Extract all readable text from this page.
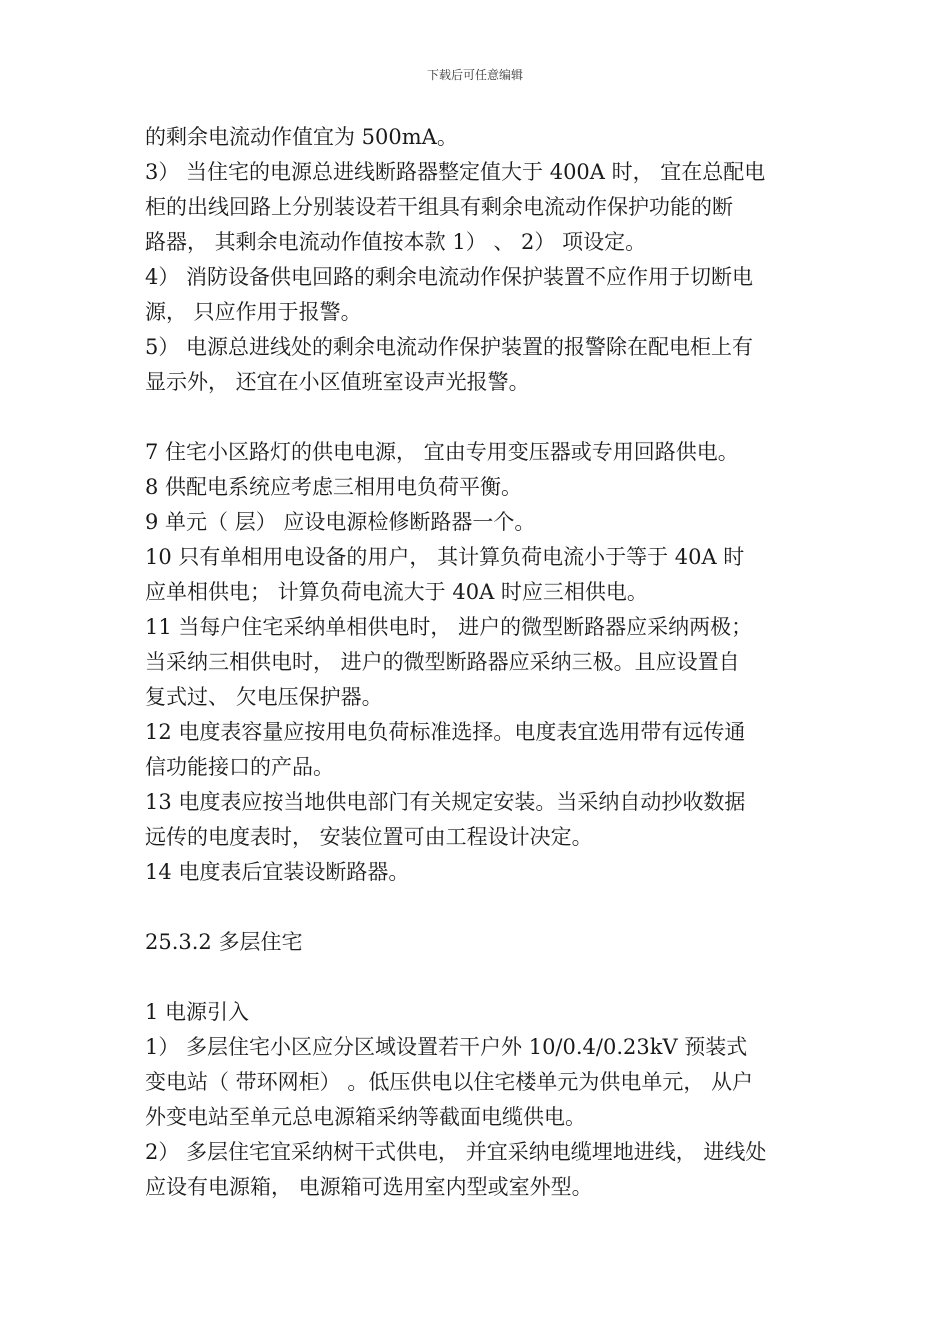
下载后可任意编辑
的剩余电流动作值宜为 500mA。
3） 当住宅的电源总进线断路器整定值大于 400A 时， 宜在总配电
柜的出线回路上分别装设若干组具有剩余电流动作保护功能的断
路器， 其剩余电流动作值按本款 1） 、 2） 项设定。
4） 消防设备供电回路的剩余电流动作保护装置不应作用于切断电
源， 只应作用于报警。
5） 电源总进线处的剩余电流动作保护装置的报警除在配电柜上有
显示外， 还宜在小区值班室设声光报警。
7 住宅小区路灯的供电电源， 宜由专用变压器或专用回路供电。
8 供配电系统应考虑三相用电负荷平衡。
9 单元（ 层） 应设电源检修断路器一个。
10 只有单相用电设备的用户， 其计算负荷电流小于等于 40A 时
应单相供电； 计算负荷电流大于 40A 时应三相供电。
11 当每户住宅采纳单相供电时， 进户的微型断路器应采纳两极；
当采纳三相供电时， 进户的微型断路器应采纳三极。且应设置自
复式过、 欠电压保护器。
12 电度表容量应按用电负荷标准选择。电度表宜选用带有远传通
信功能接口的产品。
13 电度表应按当地供电部门有关规定安装。当采纳自动抄收数据
远传的电度表时， 安装位置可由工程设计决定。
14 电度表后宜装设断路器。
25.3.2 多层住宅
1 电源引入
1） 多层住宅小区应分区域设置若干户外 10/0.4/0.23kV 预装式
变电站（ 带环网柜） 。低压供电以住宅楼单元为供电单元， 从户
外变电站至单元总电源箱采纳等截面电缆供电。
2） 多层住宅宜采纳树干式供电， 并宜采纳电缆埋地进线， 进线处
应设有电源箱， 电源箱可选用室内型或室外型。
